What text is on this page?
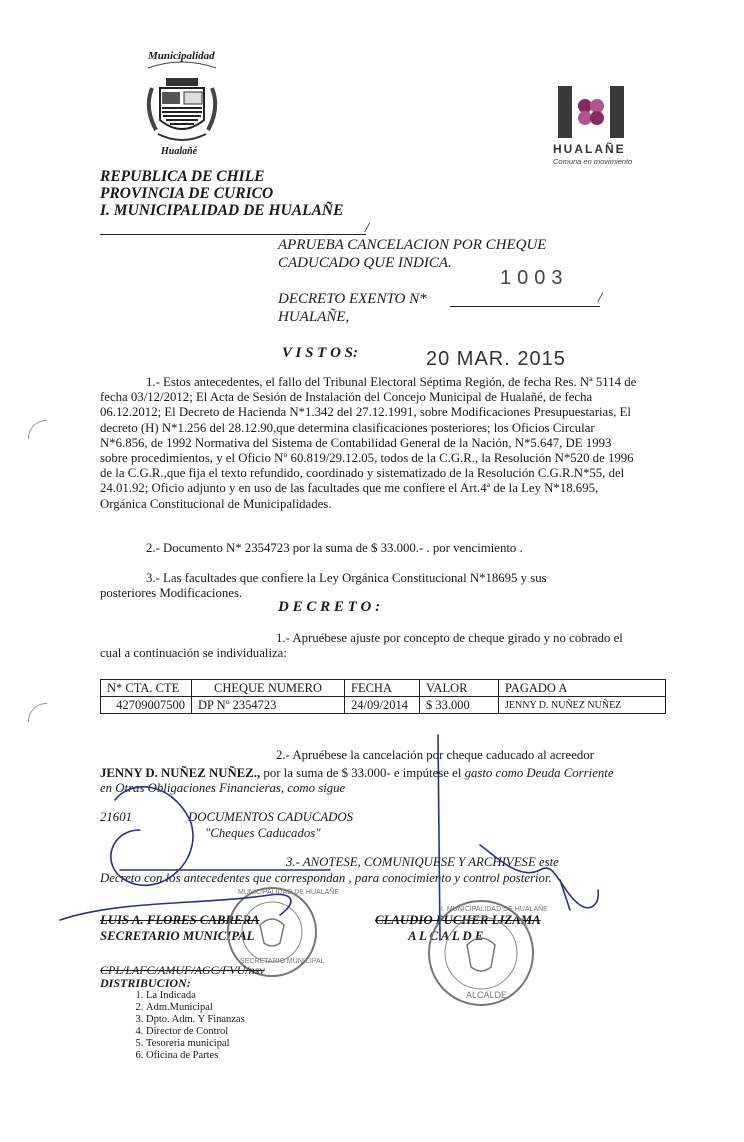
Municipalidad
Hualañé	HUALAÑE
Comuna en movimiento
REPUBLICA DE CHILE
PROVINCIA DE CURICO
I. MUNICIPALIDAD DE HUALAÑE
/
APRUEBA CANCELACION POR CHEQUE
CADUCADO QUE INDICA.
DECRETO EXENTO N*	/
1003
HUALAÑE,
V I S T O S:	20 MAR. 2015
1.- Estos antecedentes, el fallo del Tribunal Electoral Séptima Región, de fecha Res. Nª 5114 de fecha 03/12/2012; El Acta de Sesión de Instalación del Concejo Municipal de Hualañé, de fecha 06.12.2012; El Decreto de Hacienda N*1.342 del 27.12.1991, sobre Modificaciones Presupuestarias, El decreto (H) N*1.256 del 28.12.90,que determina clasificaciones posteriores; los Oficios Circular N*6.856, de 1992 Normativa del Sistema de Contabilidad General de la Nación, N*5.647, DE 1993 sobre procedimientos, y el Oficio Nº 60.819/29.12.05, todos de la C.G.R., la Resolución N*520 de 1996 de la C.G.R.,que fija el texto refundido, coordinado y sistematizado de la Resolución C.G.R.N*55, del 24.01.92; Oficio adjunto y en uso de las facultades que me confiere el Art.4ª de la Ley N*18.695, Orgánica Constitucional de Municipalidades.
2.- Documento N* 2354723 por la suma de $ 33.000.- . por vencimiento .
3.- Las facultades que confiere la Ley Orgánica Constitucional N*18695 y sus posteriores Modificaciones.
D E C R E T O :
1.- Apruébese ajuste por concepto de cheque girado y no cobrado el cual a continuación se individualiza:
N* CTA. CTE	CHEQUE NUMERO	FECHA	VALOR	PAGADO A
42709007500	DP Nº 2354723	24/09/2014	$ 33.000	JENNY D. NUÑEZ NUÑEZ
2.- Apruébese la cancelación por cheque caducado al acreedor
JENNY D. NUÑEZ NUÑEZ., por la suma de $ 33.000- e impútese el gasto como Deuda Corriente en Otras Obligaciones Financieras, como sigue
21601	DOCUMENTOS CADUCADOS
"Cheques Caducados"
3.- ANOTESE, COMUNIQUESE Y ARCHIVESE este
Decreto con los antecedentes que correspondan , para conocimiento y control posterior.
LUIS A. FLORES CABRERA
SECRETARIO MUNICIPAL
CLAUDIO PUCHER LIZAMA
A L C A L D E
MUNICIPALIDAD DE HUALAÑE
SECRETARIO MUNICIPAL
I. MUNICIPALIDAD DE HUALAÑE
ALCALDE
CPL/LAFC/AMUF/AGC/FVU/nsv
DISTRIBUCION:
1. La Indicada
2. Adm.Municipal
3. Dpto. Adm. Y Finanzas
4. Director de Control
5. Tesoreria municipal
6. Oficina de Partes
